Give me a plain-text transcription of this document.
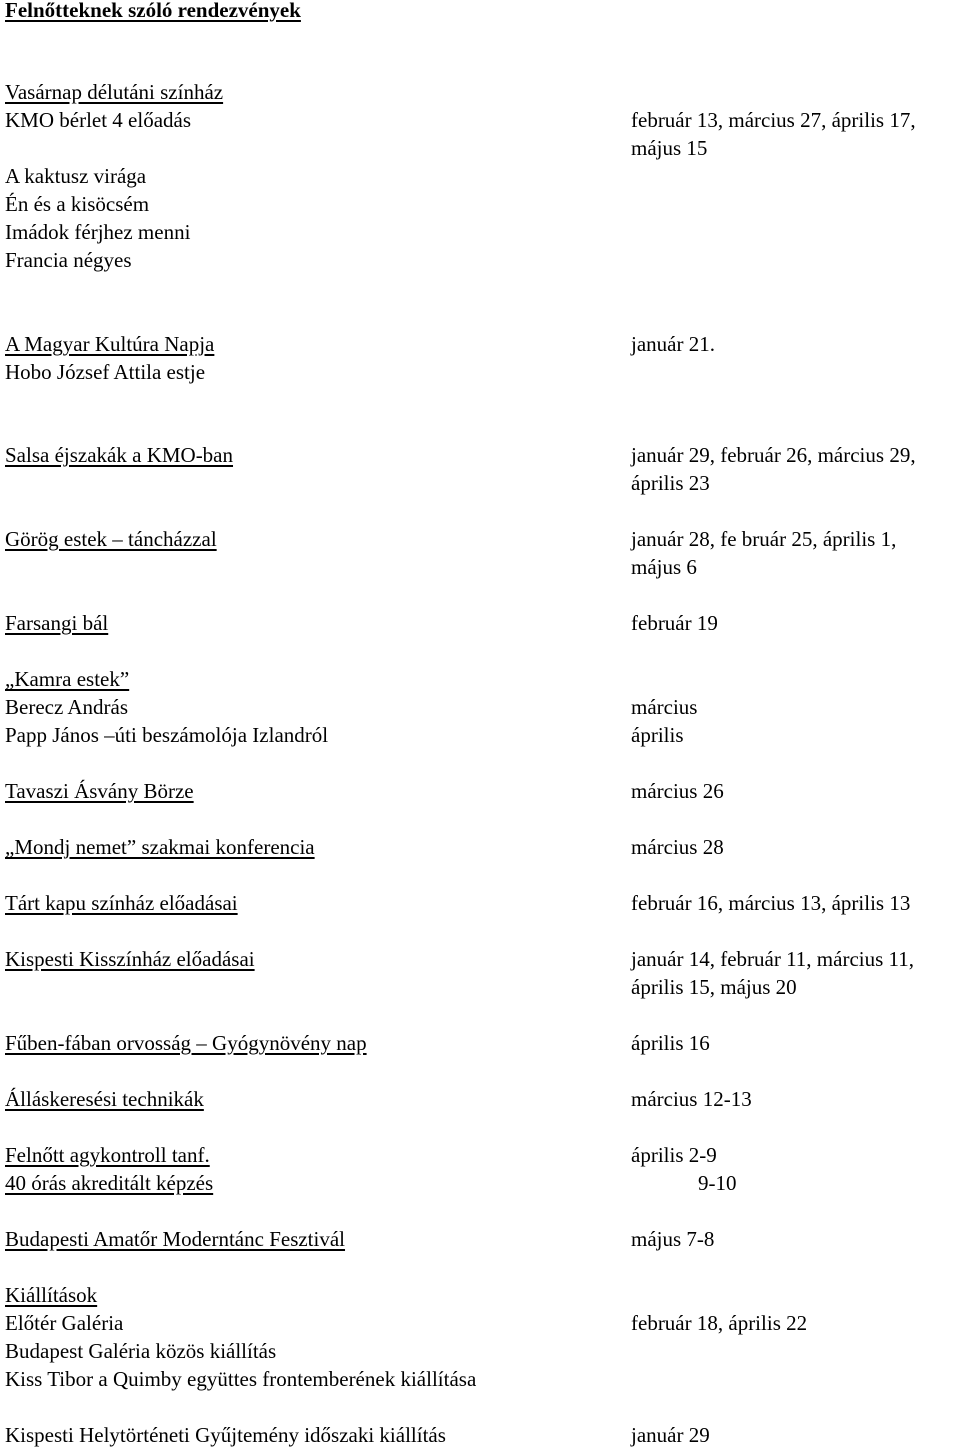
Felnőtteknek szóló rendezvények

Vasárnap délutáni színház

KMO bérlet 4 előadás	február 13, március 27, április 17,

május 15

A kaktusz virága

Én és a kisöcsém

Imádok férjhez menni

Francia négyes

A Magyar Kultúra Napja	január 21.

Hobo József Attila estje

Salsa éjszakák a KMO-ban	január 29, február 26, március 29,

április 23

Görög estek – táncházzal	január 28, fe bruár 25, április 1,

május 6

Farsangi bál	február 19

„Kamra estek”

Berecz András	március

Papp János –úti beszámolója Izlandról	április

Tavaszi Ásvány Börze	március 26

„Mondj nemet” szakmai konferencia	március 28

Tárt kapu színház előadásai	február 16, március 13, április 13

Kispesti Kisszínház előadásai	január 14, február 11, március 11,

április 15, május 20

Fűben-fában orvosság – Gyógynövény nap	április 16

Álláskeresési technikák	március 12-13

Felnőtt agykontroll tanf.	április 2-9

40 órás akreditált képzés	9-10

Budapesti Amatőr Moderntánc Fesztivál	május 7-8

Kiállítások

Előtér Galéria	február 18, április 22

Budapest Galéria közös kiállítás

Kiss Tibor a Quimby együttes frontemberének kiállítása

Kispesti Helytörténeti Gyűjtemény időszaki kiállítás	január 29
